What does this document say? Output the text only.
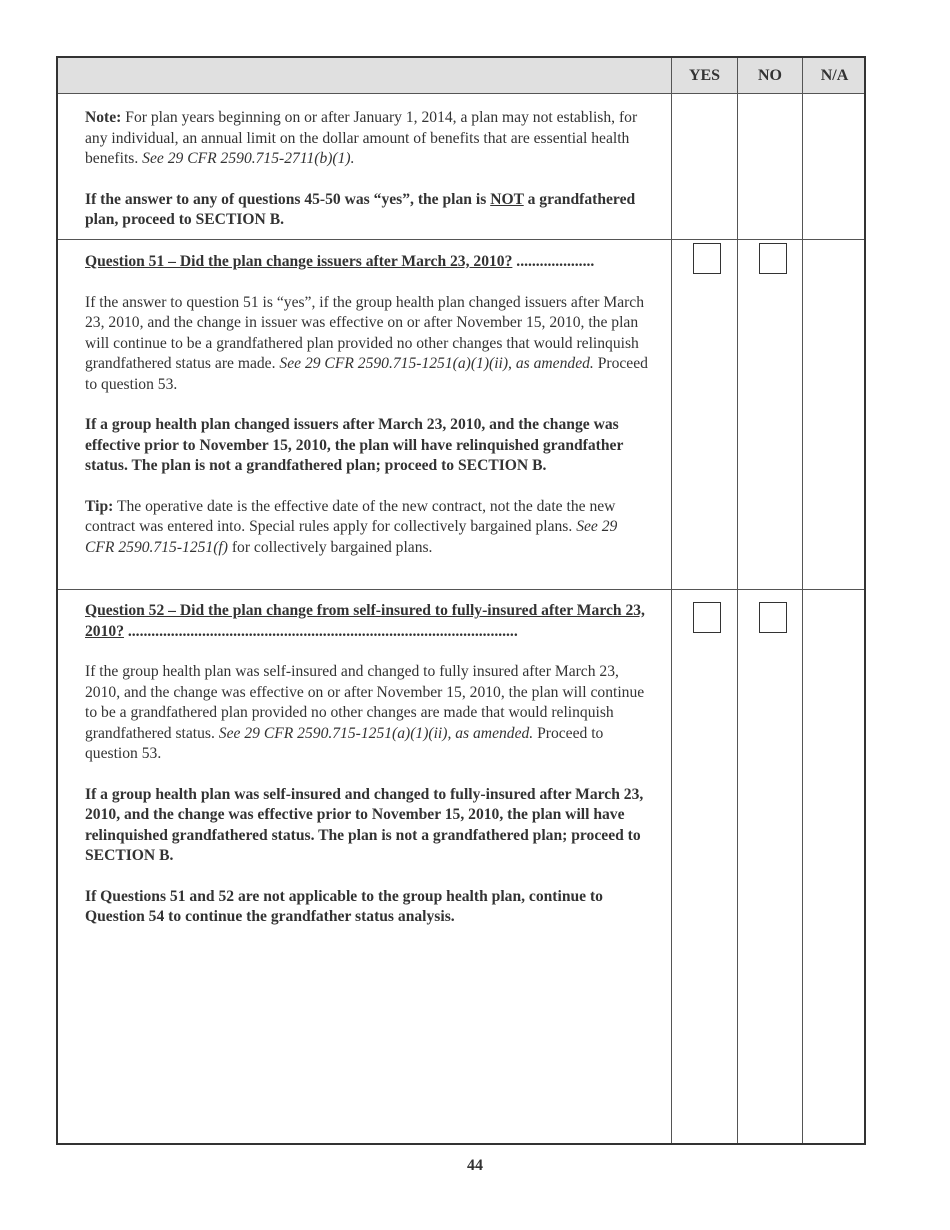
YES	NO	N/A

Note: For plan years beginning on or after January 1, 2014, a plan may not establish, for any individual, an annual limit on the dollar amount of benefits that are essential health benefits. See 29 CFR 2590.715-2711(b)(1).

If the answer to any of questions 45-50 was “yes”, the plan is NOT a grandfathered plan, proceed to SECTION B.

Question 51 – Did the plan change issuers after March 23, 2010? ....................

If the answer to question 51 is “yes”, if the group health plan changed issuers after March 23, 2010, and the change in issuer was effective on or after November 15, 2010, the plan will continue to be a grandfathered plan provided no other changes that would relinquish grandfathered status are made. See 29 CFR 2590.715-1251(a)(1)(ii), as amended. Proceed to question 53.

If a group health plan changed issuers after March 23, 2010, and the change was effective prior to November 15, 2010, the plan will have relinquished grandfather status. The plan is not a grandfathered plan; proceed to SECTION B.

Tip: The operative date is the effective date of the new contract, not the date the new contract was entered into. Special rules apply for collectively bargained plans. See 29 CFR 2590.715-1251(f) for collectively bargained plans.

Question 52 – Did the plan change from self-insured to fully-insured after March 23, 2010? ....................................................................................................

If the group health plan was self-insured and changed to fully insured after March 23, 2010, and the change was effective on or after November 15, 2010, the plan will continue to be a grandfathered plan provided no other changes are made that would relinquish grandfathered status. See 29 CFR 2590.715-1251(a)(1)(ii), as amended. Proceed to question 53.

If a group health plan was self-insured and changed to fully-insured after March 23, 2010, and the change was effective prior to November 15, 2010, the plan will have relinquished grandfathered status. The plan is not a grandfathered plan; proceed to SECTION B.

If Questions 51 and 52 are not applicable to the group health plan, continue to Question 54 to continue the grandfather status analysis.

44
